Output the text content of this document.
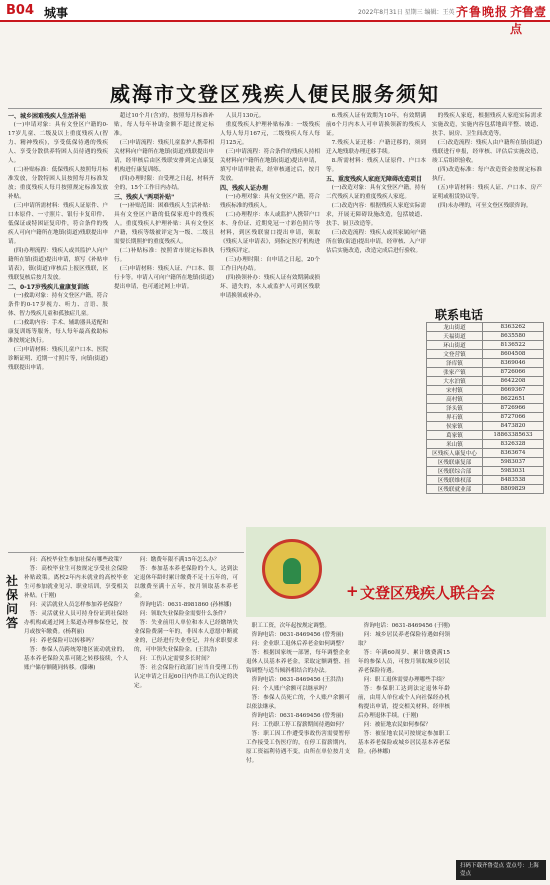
B04 城事	2022年8月31日 星期三 编辑：王英 齐鲁晚报 齐鲁壹点
威海市文登区残疾人便民服务须知

一、城乡困难残疾人生活补贴

(一)申请对象：具有文登区户籍的0-17岁儿童、二级及以上重度残疾人(智力、精神残疾)，享受低保待遇的残疾人、享受分散供养特困人员待遇的残疾人。

(二)补贴标准：低保残疾人按照每月标准发放，分散特困人员按照每月标准发放；重度残疾人每月按照规定标准发放补贴。

(三)申请所需材料：残疾人证原件、户口本原件、一寸照片、银行卡复印件、低保证或特困证复印件，符合条件的残疾人可向户籍所在地镇(街道)残联提出申请。

(四)办理流程：残疾人或其监护人向户籍所在镇(街道)提出申请，填写《补贴申请表》，镇(街道)审核后上报区残联，区残联复核后按月发放。

二、0-17岁残疾儿童康复训练

(一)救助对象：持有文登区户籍，符合条件的0-17岁视力、听力、言语、肢体、智力残疾儿童和孤独症儿童。

(二)救助内容：手术、辅助器具适配和康复训练等服务，每人每年最高救助标准按规定执行。

(三)申请材料：残疾儿童户口本、医院诊断证明、近期一寸照片等，向镇(街道)残联提出申请。

超过10个月(含)的，按照每月标准补贴，每人每年补助金额不超过规定标准。

(三)申请流程：残疾儿童监护人携带相关材料向户籍所在地镇(街道)残联提出申请，经审核后由区残联安排到定点康复机构进行康复训练。

(四)办理时限：自受理之日起，材料齐全的，15个工作日内办结。

三、残疾人"两项补贴"

(一)补贴范围：困难残疾人生活补贴：具有文登区户籍的低保家庭中的残疾人。重度残疾人护理补贴：具有文登区户籍，残疾等级被评定为一级、二级且需要长期照护的重度残疾人。

(二)补贴标准：按照省市规定标准执行。

(三)申请材料：残疾人证、户口本、银行卡等。申请人可向户籍所在地镇(街道)提出申请，也可通过网上申请。

人员月130元。

重度残疾人护理补贴标准：一级残疾人每人每月167元，二级残疾人每人每月125元。

(三)申请流程：符合条件的残疾人持相关材料向户籍所在地镇(街道)提出申请，填写申请审批表，经审核通过后，按月发放。

四、残疾人证办理

(一)办理对象：具有文登区户籍，符合残疾标准的残疾人。

(二)办理程序：本人或监护人携带户口本、身份证、近期免冠一寸彩色照片等材料，到区残联窗口提出申请，领取《残疾人证申请表》，到指定医疗机构进行残疾评定。

(三)办理时限：自申请之日起，20个工作日内办结。

(四)换领补办：残疾人证有效期满或损坏、遗失的，本人或监护人可到区残联申请换领或补办。

6.残疾人证有效期为10年，有效期满前6个月内本人可申请换领新的残疾人证。

7.残疾人证迁移：户籍迁移的，须到迁入地残联办理迁移手续。

8.所需材料：残疾人证原件、户口本等。

五、重度残疾人家庭无障碍改造项目

(一)改造对象：具有文登区户籍，持有二代残疾人证的重度残疾人家庭。

(二)改造内容：根据残疾人家庭实际需求，开展无障碍设施改造，包括坡道、扶手、厨卫改造等。

(三)改造流程：残疾人或其家属向户籍所在镇(街道)提出申请，经审核、入户评估后实施改造，改造完成后进行验收。

的残疾人家庭，根据残疾人家庭实际需求实施改造，实施内容包括地面平整、坡道、扶手、厨房、卫生间改造等。

(三)改造流程：残疾人由户籍所在镇(街道)残联进行申报，经审核、评估后实施改造，竣工后组织验收。

(四)改造标准：每户改造资金按规定标准执行。

(五)申请材料：残疾人证、户口本、房产证明或租赁协议等。

(四)未办理的，可至文登区残联咨询。

联系电话
龙山街道	8363262
天福街道	8635580
环山街道	8136522
文登营镇	8604508
泽库镇	8369046
张家产镇	8726066
大水泊镇	8642208
宋村镇	8669367
高村镇	8622651
泽头镇	8726966
界石镇	8727066
侯家镇	8473820
葛家镇	18863385633
米山镇	8326328
区残疾人康复中心	8363674
区残联康复部	5983037
区残联综合部	5983031
区残联维权部	8483538
区残联就业部	8809829
+ 文登区残疾人联合会
社
保
问
答

问：高校毕业生参加社保有哪些政策？

答：高校毕业生可按规定享受社会保险补贴政策。离校2年内未就业的高校毕业生可参加就业见习、职业培训，享受相关补贴。(于刚)

问：灵活就业人员怎样参加养老保险？

答：灵活就业人员可持身份证到社保经办机构或通过网上渠道办理参保登记，按月或按年缴费。(杨利丽)

问：养老保险可以转移吗？

答：参保人员跨统筹地区流动就业的，基本养老保险关系可随之转移接续，个人账户储存额随同转移。(滕琳)

问：缴费年限不满15年怎么办？

答：参加基本养老保险的个人，达到法定退休年龄时累计缴费不足十五年的，可以缴费至满十五年，按月领取基本养老金。

咨询电话：0631-8981860 (孙林娜)

问：领取失业保险金需要什么条件？

答：失业前用人单位和本人已经缴纳失业保险费满一年的，非因本人意愿中断就业的，已经进行失业登记，并有求职要求的，可申领失业保险金。(王洪浩)

问：工伤认定需要多长时间？

答：社会保险行政部门应当自受理工伤认定申请之日起60日内作出工伤认定的决定。

职工工资，次年起按规定调整。

咨询电话：0631-8469456 (曾秀丽)

问：企业职工退休后养老金如何调整？

答：根据国家统一部署，每年调整企业退休人员基本养老金，采取定额调整、挂钩调整与适当倾斜相结合的办法。

咨询电话：0631-8469456 (王洪浩)

问：个人账户余额可以继承吗？

答：参保人员死亡的，个人账户余额可以依法继承。

咨询电话：0631-8469456 (曾秀丽)

问：工伤职工停工留薪期间待遇如何？

答：职工因工作遭受事故伤害需要暂停工作接受工伤医疗的，在停工留薪期内，原工资福利待遇不变，由所在单位按月支付。

咨询电话：0631-8469456 (于刚)

问：城乡居民养老保险待遇如何领取？

答：年满60周岁、累计缴费满15年的参保人员，可按月领取城乡居民养老保险待遇。

问：职工退休需要办理哪些手续？

答：参保职工达到法定退休年龄前，由用人单位或个人向社保经办机构提出申请，提交相关材料，经审核后办理退休手续。(于刚)

问：被征地农民如何参保？

答：被征地农民可按规定参加职工基本养老保险或城乡居民基本养老保险。(孙林娜)

扫码下载齐鲁壹点 壹点号：上海壹点
